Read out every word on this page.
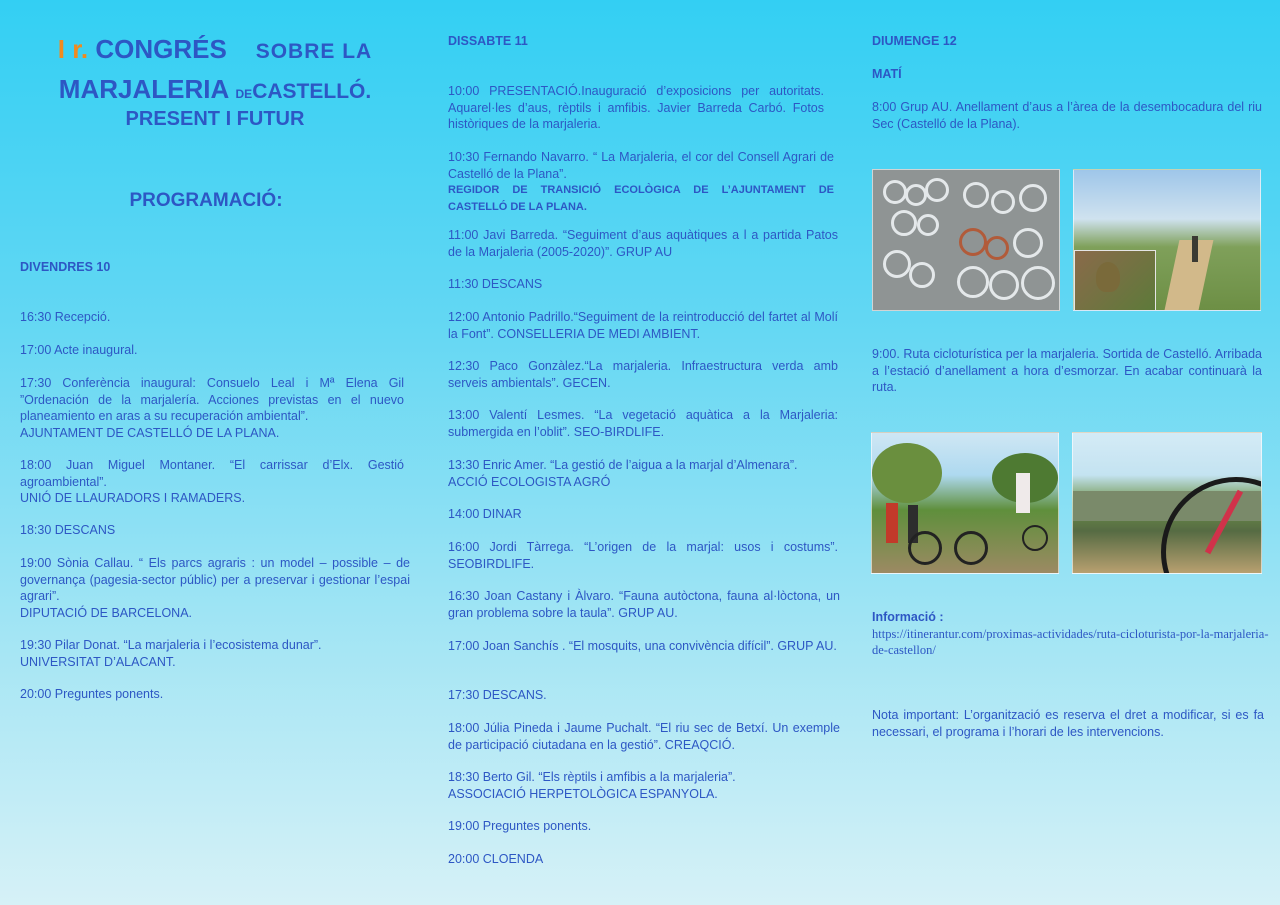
I r. CONGRÉS SOBRE LA
MARJALERIA DECASTELLÓ.
PRESENT I FUTUR
PROGRAMACIÓ:
DIVENDRES 10

16:30 Recepció.

17:00 Acte inaugural.

17:30 Conferència inaugural: Consuelo Leal i Mª Elena Gil ”Ordenación de la marjalería. Acciones previstas en el nuevo planeamiento en aras a su recuperación ambiental”.

AJUNTAMENT DE CASTELLÓ DE LA PLANA.

18:00 Juan Miguel Montaner. “El carrissar d’Elx. Gestió agroambiental”.

UNIÓ DE LLAURADORS I RAMADERS.

18:30 DESCANS

19:00 Sònia Callau. “ Els parcs agraris : un model – possible – de governança (pagesia-sector públic) per a preservar i gestionar l’espai agrari”.

DIPUTACIÓ DE BARCELONA.

19:30 Pilar Donat. “La marjaleria i l’ecosistema dunar”.

UNIVERSITAT D’ALACANT.

20:00 Preguntes ponents.

DISSABTE 11

10:00 PRESENTACIÓ.Inauguració d’exposicions per autoritats. Aquarel·les d’aus, rèptils i amfibis. Javier Barreda Carbó. Fotos històriques de la marjaleria.

10:30 Fernando Navarro. “ La Marjaleria, el cor del Consell Agrari de Castelló de la Plana”.

REGIDOR DE TRANSICIÓ ECOLÒGICA DE L’AJUNTAMENT DE CASTELLÓ DE LA PLANA.

11:00 Javi Barreda. “Seguiment d’aus aquàtiques a l a partida Patos de la Marjaleria (2005-2020)”. GRUP AU

11:30 DESCANS

12:00 Antonio Padrillo.“Seguiment de la reintroducció del fartet al Molí la Font”. CONSELLERIA DE MEDI AMBIENT.

12:30 Paco Gonzàlez.“La marjaleria. Infraestructura verda amb serveis ambientals”. GECEN.

13:00 Valentí Lesmes. “La vegetació aquàtica a la Marjaleria: submergida en l’oblit”. SEO-BIRDLIFE.

13:30 Enric Amer. “La gestió de l’aigua a la marjal d’Almenara”.

ACCIÓ ECOLOGISTA AGRÓ

14:00 DINAR

16:00 Jordi Tàrrega. “L’origen de la marjal: usos i costums”. SEOBIRDLIFE.

16:30 Joan Castany i Àlvaro. “Fauna autòctona, fauna al·lòctona, un gran problema sobre la taula”. GRUP AU.

17:00 Joan Sanchís . “El mosquits, una convivència difícil”. GRUP AU.

17:30 DESCANS.

18:00 Júlia Pineda i Jaume Puchalt. “El riu sec de Betxí. Un exemple de participació ciutadana en la gestió”. CREAQCIÓ.

18:30 Berto Gil. “Els rèptils i amfibis a la marjaleria”.

ASSOCIACIÓ HERPETOLÒGICA ESPANYOLA.

19:00 Preguntes ponents.

20:00 CLOENDA

DIUMENGE 12
MATÍ

8:00 Grup AU. Anellament d’aus a l’àrea de la desembocadura del riu Sec (Castelló de la Plana).

9:00. Ruta cicloturística per la marjaleria. Sortida de Castelló. Arribada a l’estació d’anellament a hora d’esmorzar. En acabar continuarà la ruta.

Informació :

https://itinerantur.com/proximas-actividades/ruta-cicloturista-por-la-marjaleria-de-castellon/

Nota important: L’organització es reserva el dret a modificar, si es fa necessari, el programa i l’horari de les intervencions.
